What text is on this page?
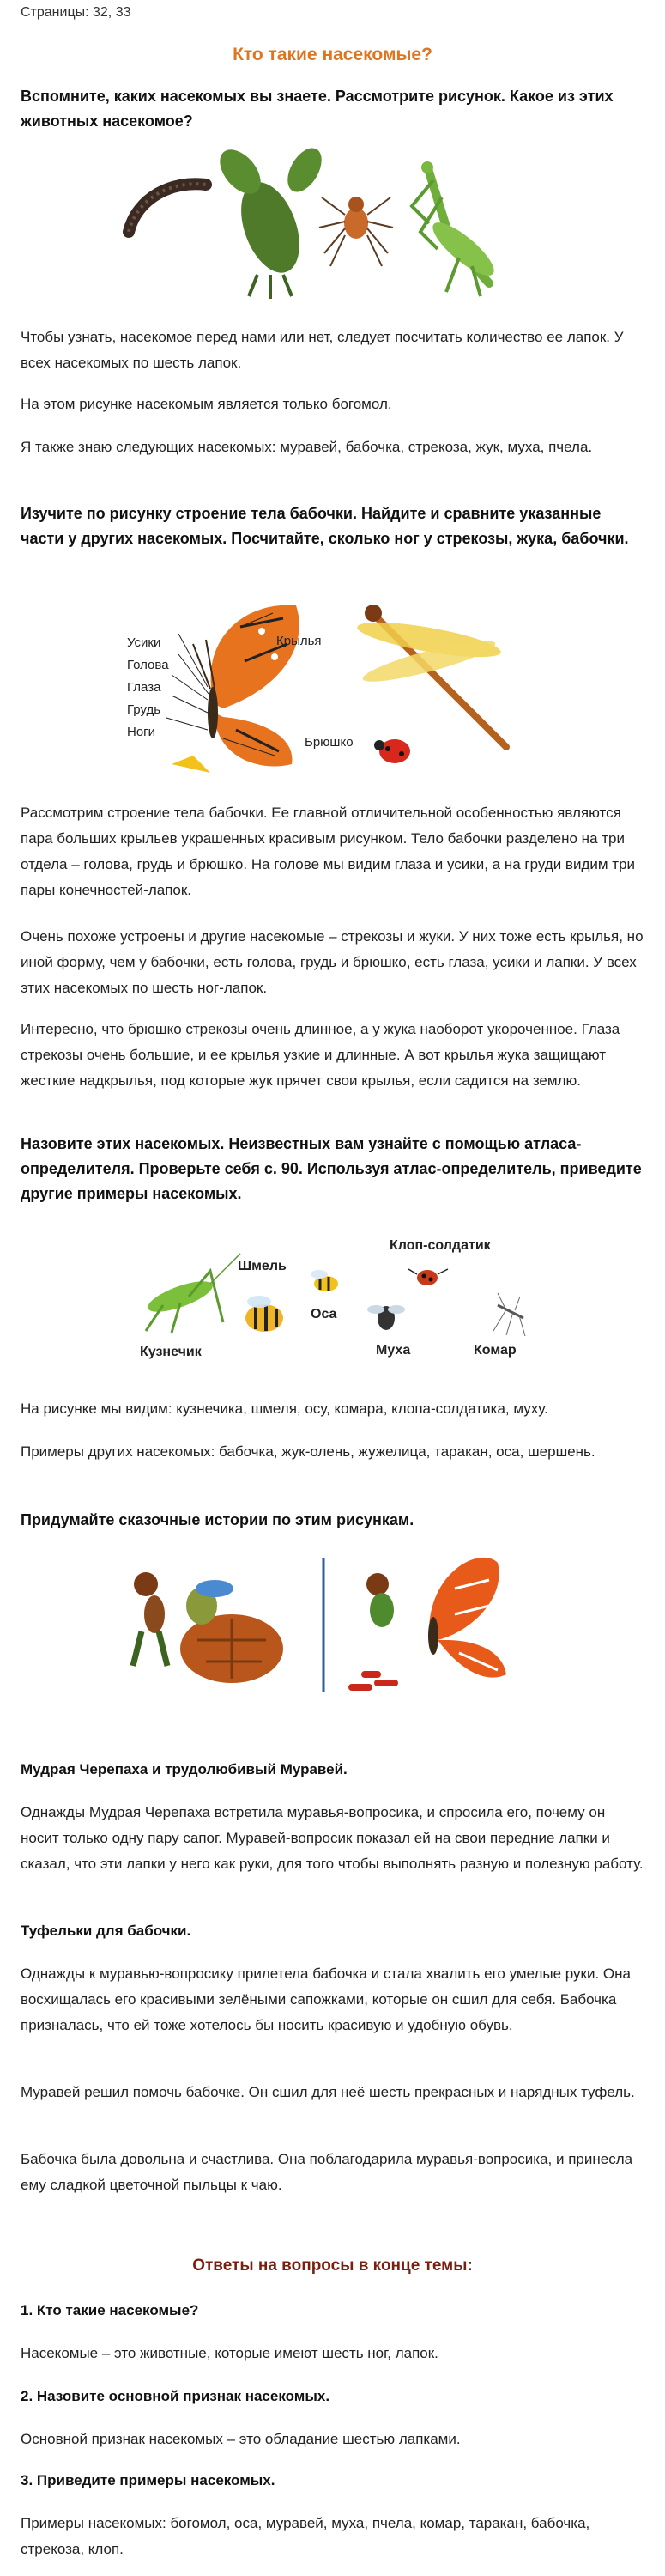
Страницы: 32, 33
Кто такие насекомые?
Вспомните, каких насекомых вы знаете. Рассмотрите рисунок. Какое из этих животных насекомое?
Чтобы узнать, насекомое перед нами или нет, следует посчитать количество ее лапок. У всех насекомых по шесть лапок.
На этом рисунке насекомым является только богомол.
Я также знаю следующих насекомых: муравей, бабочка, стрекоза, жук, муха, пчела.
Изучите по рисунку строение тела бабочки. Найдите и сравните указанные части у других насекомых. Посчитайте, сколько ног у стрекозы, жука, бабочки.
Усики
Голова
Глаза
Грудь
Ноги
Крылья
Брюшко
Рассмотрим строение тела бабочки. Ее главной отличительной особенностью являются пара больших крыльев украшенных красивым рисунком. Тело бабочки разделено на три отдела – голова, грудь и брюшко. На голове мы видим глаза и усики, а на груди видим три пары конечностей-лапок.
Очень похоже устроены и другие насекомые – стрекозы и жуки. У них тоже есть крылья, но иной форму, чем у бабочки, есть голова, грудь и брюшко, есть глаза, усики и лапки. У всех этих насекомых по шесть ног-лапок.
Интересно, что брюшко стрекозы очень длинное, а у жука наоборот укороченное. Глаза стрекозы очень большие, и ее крылья узкие и длинные. А вот крылья жука защищают жесткие надкрылья, под которые жук прячет свои крылья, если садится на землю.
Назовите этих насекомых. Неизвестных вам узнайте с помощью атласа-определителя. Проверьте себя с. 90. Используя атлас-определитель, приведите другие примеры насекомых.
Кузнечик
Шмель
Оса
Клоп-солдатик
Муха	Комар
На рисунке мы видим: кузнечика, шмеля, осу, комара, клопа-солдатика, муху.
Примеры других насекомых: бабочка, жук-олень, жужелица, таракан, оса, шершень.
Придумайте сказочные истории по этим рисункам.
Мудрая Черепаха и трудолюбивый Муравей.
Однажды Мудрая Черепаха встретила муравья-вопросика, и спросила его, почему он носит только одну пару сапог. Муравей-вопросик показал ей на свои передние лапки и сказал, что эти лапки у него как руки, для того чтобы выполнять разную и полезную работу.
Туфельки для бабочки.
Однажды к муравью-вопросику прилетела бабочка и стала хвалить его умелые руки. Она восхищалась его красивыми зелёными сапожками, которые он сшил для себя. Бабочка призналась, что ей тоже хотелось бы носить красивую и удобную обувь.
Муравей решил помочь бабочке. Он сшил для неё шесть прекрасных и нарядных туфель.
Бабочка была довольна и счастлива. Она поблагодарила муравья-вопросика, и принесла ему сладкой цветочной пыльцы к чаю.
Ответы на вопросы в конце темы:
1. Кто такие насекомые?
Насекомые – это животные, которые имеют шесть ног, лапок.
2. Назовите основной признак насекомых.
Основной признак насекомых – это обладание шестью лапками.
3. Приведите примеры насекомых.
Примеры насекомых: богомол, оса, муравей, муха, пчела, комар, таракан, бабочка, стрекоза, клоп.
